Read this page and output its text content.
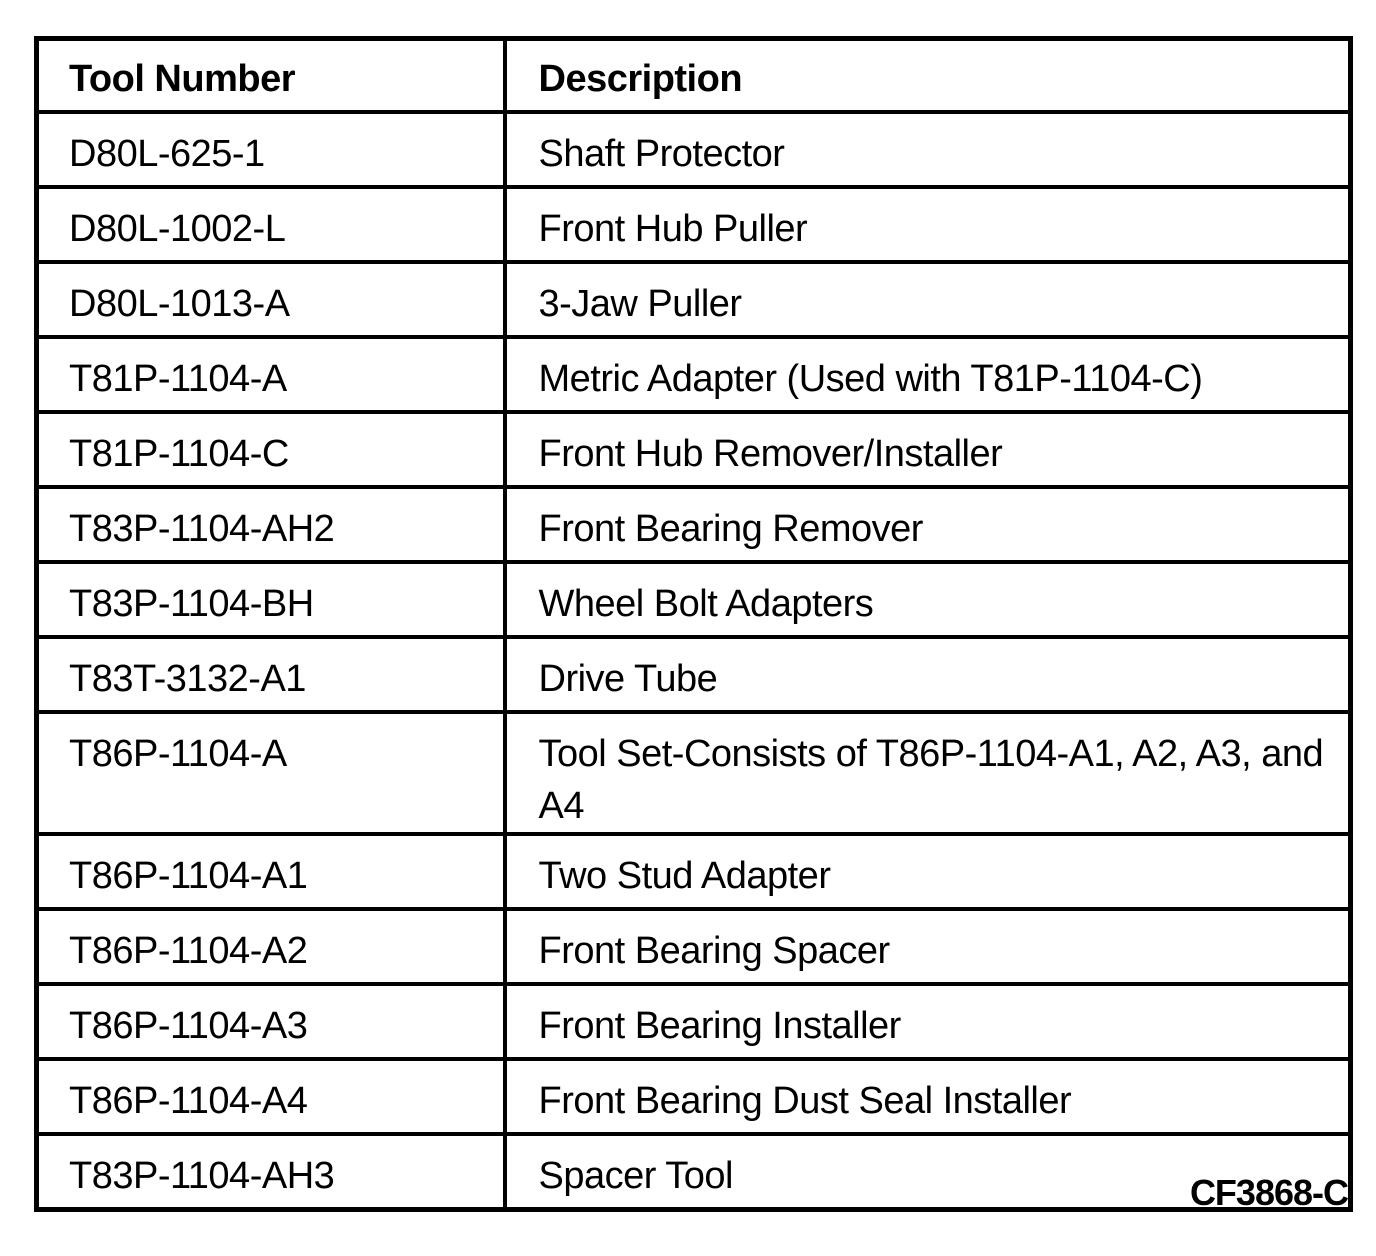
Tool Number	Description
D80L-625-1	Shaft Protector
D80L-1002-L	Front Hub Puller
D80L-1013-A	3-Jaw Puller
T81P-1104-A	Metric Adapter (Used with T81P-1104-C)
T81P-1104-C	Front Hub Remover/Installer
T83P-1104-AH2	Front Bearing Remover
T83P-1104-BH	Wheel Bolt Adapters
T83T-3132-A1	Drive Tube
T86P-1104-A	Tool Set-Consists of T86P-1104-A1, A2, A3, and A4
T86P-1104-A1	Two Stud Adapter
T86P-1104-A2	Front Bearing Spacer
T86P-1104-A3	Front Bearing Installer
T86P-1104-A4	Front Bearing Dust Seal Installer
T83P-1104-AH3	Spacer Tool	CF3868-C
